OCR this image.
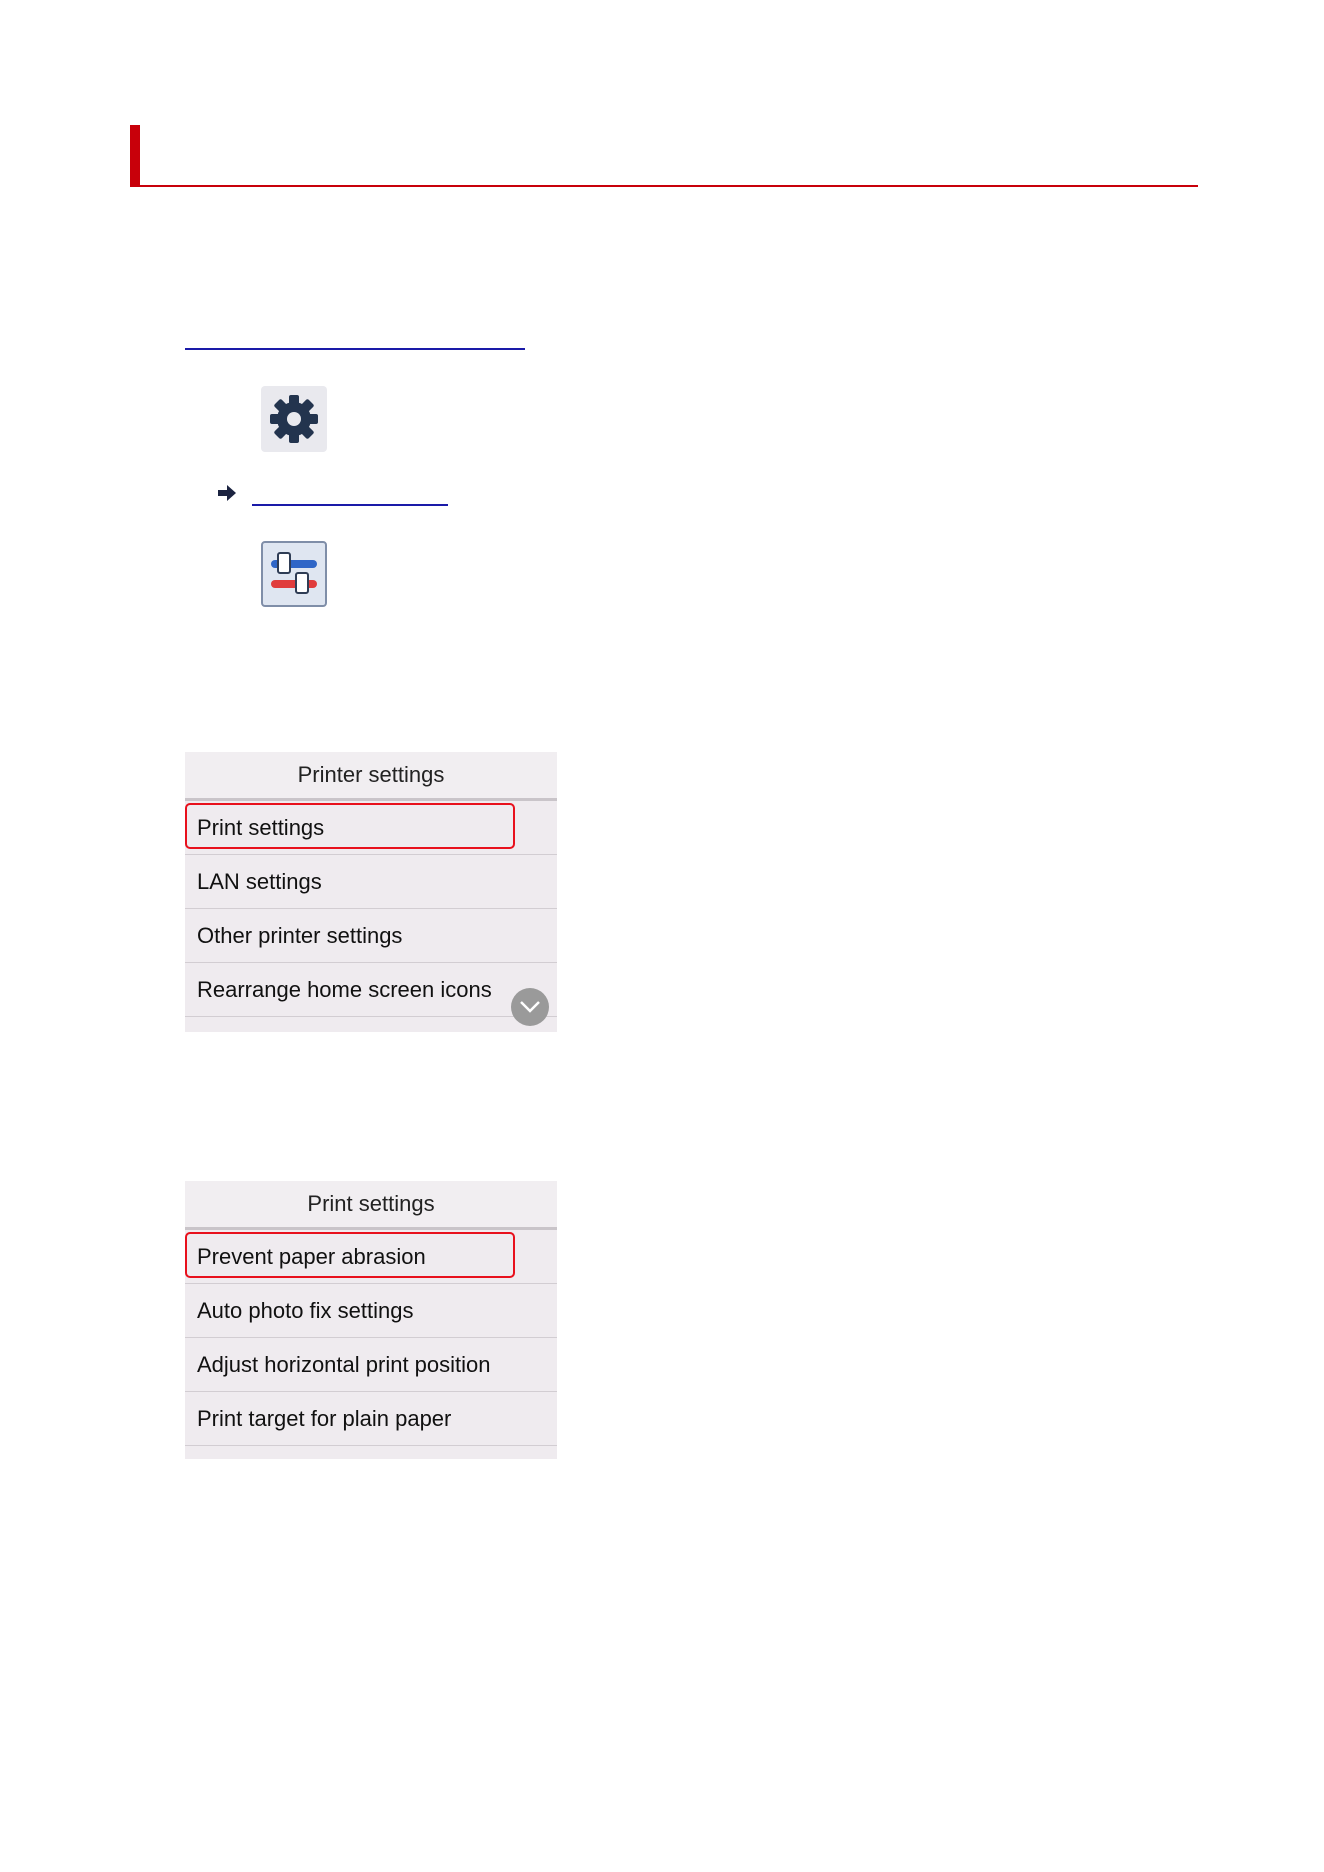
Printer settings
Print settings
LAN settings
Other printer settings
Rearrange home screen icons
Print settings
Prevent paper abrasion
Auto photo fix settings
Adjust horizontal print position
Print target for plain paper
